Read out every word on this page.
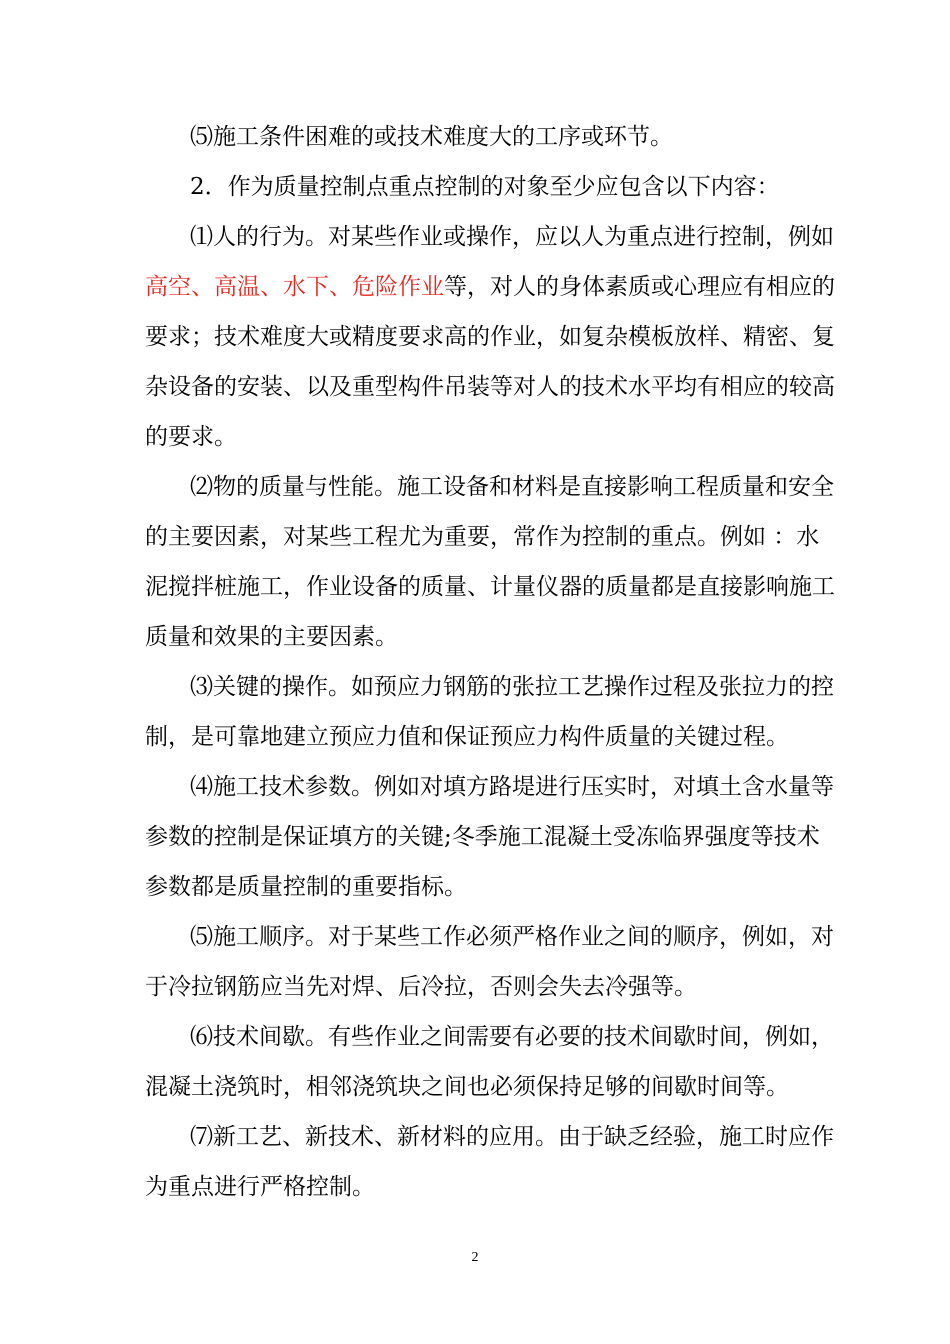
⑸施工条件困难的或技术难度大的工序或环节。
2．作为质量控制点重点控制的对象至少应包含以下内容：
⑴人的行为。对某些作业或操作，应以人为重点进行控制，例如
高空、高温、水下、危险作业等，对人的身体素质或心理应有相应的
要求；技术难度大或精度要求高的作业，如复杂模板放样、精密、复
杂设备的安装、以及重型构件吊装等对人的技术水平均有相应的较高
的要求。
⑵物的质量与性能。施工设备和材料是直接影响工程质量和安全
的主要因素，对某些工程尤为重要，常作为控制的重点。例如 ：水
泥搅拌桩施工，作业设备的质量、计量仪器的质量都是直接影响施工
质量和效果的主要因素。
⑶关键的操作。如预应力钢筋的张拉工艺操作过程及张拉力的控
制，是可靠地建立预应力值和保证预应力构件质量的关键过程。
⑷施工技术参数。例如对填方路堤进行压实时，对填土含水量等
参数的控制是保证填方的关键;冬季施工混凝土受冻临界强度等技术
参数都是质量控制的重要指标。
⑸施工顺序。对于某些工作必须严格作业之间的顺序，例如，对
于冷拉钢筋应当先对焊、后冷拉，否则会失去冷强等。
⑹技术间歇。有些作业之间需要有必要的技术间歇时间，例如，
混凝土浇筑时，相邻浇筑块之间也必须保持足够的间歇时间等。
⑺新工艺、新技术、新材料的应用。由于缺乏经验，施工时应作
为重点进行严格控制。
2
